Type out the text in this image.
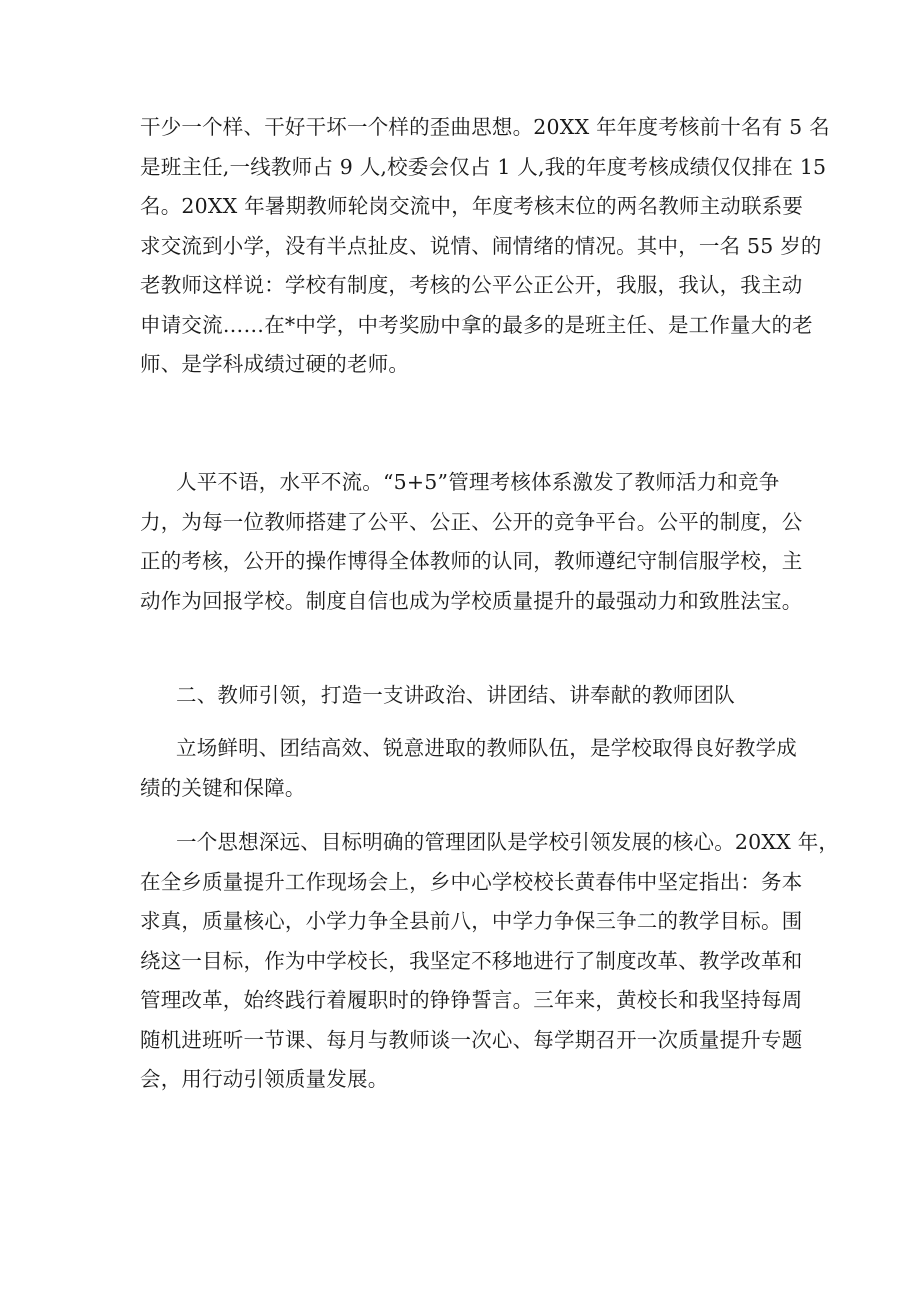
干少一个样、干好干坏一个样的歪曲思想。20XX 年年度考核前十名有 5 名
是班主任,一线教师占 9 人,校委会仅占 1 人,我的年度考核成绩仅仅排在 15
名。20XX 年暑期教师轮岗交流中，年度考核末位的两名教师主动联系要
求交流到小学，没有半点扯皮、说情、闹情绪的情况。其中，一名 55 岁的
老教师这样说：学校有制度，考核的公平公正公开，我服，我认，我主动
申请交流……在*中学，中考奖励中拿的最多的是班主任、是工作量大的老
师、是学科成绩过硬的老师。
人平不语，水平不流。“5+5”管理考核体系激发了教师活力和竞争
力，为每一位教师搭建了公平、公正、公开的竞争平台。公平的制度，公
正的考核，公开的操作博得全体教师的认同，教师遵纪守制信服学校，主
动作为回报学校。制度自信也成为学校质量提升的最强动力和致胜法宝。
二、教师引领，打造一支讲政治、讲团结、讲奉献的教师团队
立场鲜明、团结高效、锐意进取的教师队伍，是学校取得良好教学成
绩的关键和保障。
一个思想深远、目标明确的管理团队是学校引领发展的核心。20XX 年，
在全乡质量提升工作现场会上，乡中心学校校长黄春伟中坚定指出：务本
求真，质量核心，小学力争全县前八，中学力争保三争二的教学目标。围
绕这一目标，作为中学校长，我坚定不移地进行了制度改革、教学改革和
管理改革，始终践行着履职时的铮铮誓言。三年来，黄校长和我坚持每周
随机进班听一节课、每月与教师谈一次心、每学期召开一次质量提升专题
会，用行动引领质量发展。
